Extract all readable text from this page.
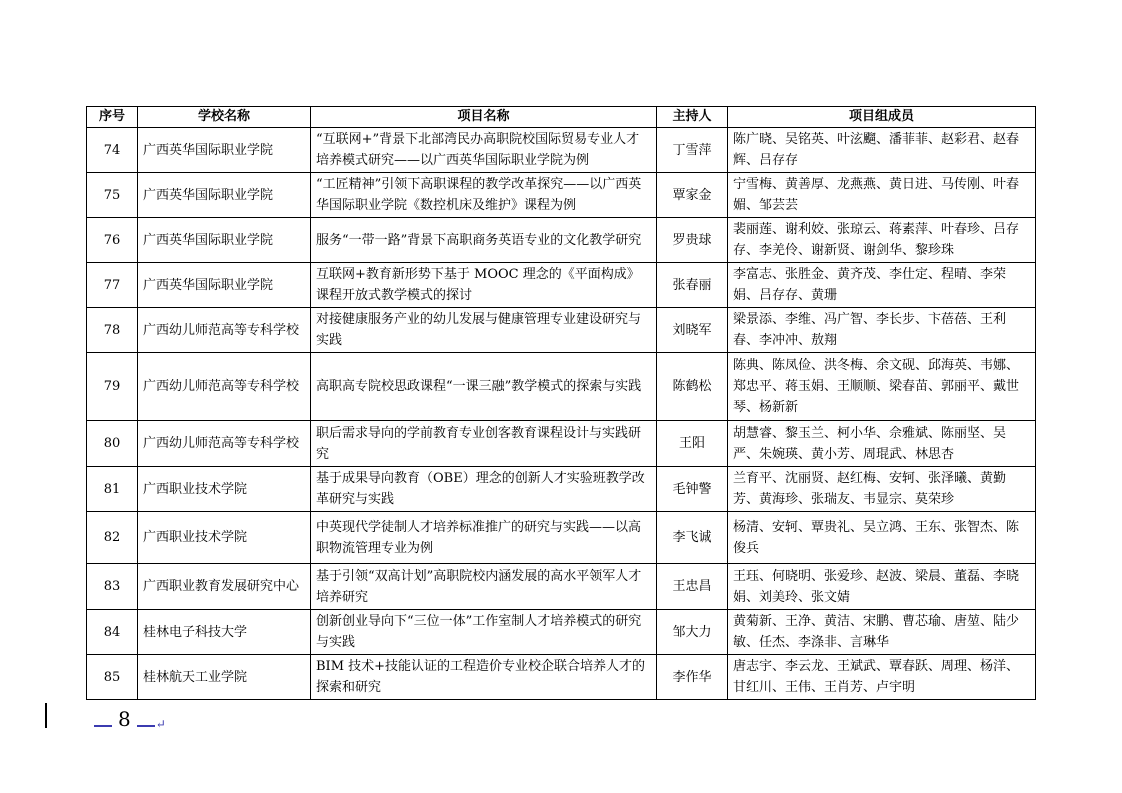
序号	学校名称	项目名称	主持人	项目组成员
74	广西英华国际职业学院	“互联网+”背景下北部湾民办高职院校国际贸易专业人才培养模式研究——以广西英华国际职业学院为例	丁雪萍	陈广晓、吴铭英、叶泫飀、潘菲菲、赵彩君、赵春辉、吕存存
75	广西英华国际职业学院	“工匠精神”引领下高职课程的教学改革探究——以广西英华国际职业学院《数控机床及维护》课程为例	覃家金	宁雪梅、黄善厚、龙燕燕、黄日进、马传刚、叶春媚、邹芸芸
76	广西英华国际职业学院	服务“一带一路”背景下高职商务英语专业的文化教学研究	罗贵球	裴丽莲、谢利姣、张琼云、蒋素萍、叶春珍、吕存存、李羌伶、谢新贤、谢剑华、黎珍珠
77	广西英华国际职业学院	互联网+教育新形势下基于 MOOC 理念的《平面构成》课程开放式教学模式的探讨	张春丽	李富志、张胜金、黄齐茂、李仕定、程晴、李荣娟、吕存存、黄珊
78	广西幼儿师范高等专科学校	对接健康服务产业的幼儿发展与健康管理专业建设研究与实践	刘晓军	梁景添、李维、冯广智、李长步、卞蓓蓓、王利春、李冲冲、敖翔
79	广西幼儿师范高等专科学校	高职高专院校思政课程“一课三融”教学模式的探索与实践	陈鹤松	陈典、陈凤俭、洪冬梅、余文砚、邱海英、韦娜、郑忠平、蒋玉娟、王顺顺、梁春苗、郭丽平、戴世琴、杨新新
80	广西幼儿师范高等专科学校	职后需求导向的学前教育专业创客教育课程设计与实践研究	王阳	胡慧睿、黎玉兰、柯小华、佘雅斌、陈丽坚、吴严、朱婉瑛、黄小芳、周琨武、林思杏
81	广西职业技术学院	基于成果导向教育（OBE）理念的创新人才实验班教学改革研究与实践	毛钟警	兰育平、沈丽贤、赵红梅、安轲、张泽曦、黄勤芳、黄海珍、张瑞友、韦显宗、莫荣珍
82	广西职业技术学院	中英现代学徒制人才培养标准推广的研究与实践——以高职物流管理专业为例	李飞诚	杨清、安轲、覃贵礼、吴立鸿、王东、张智杰、陈俊兵
83	广西职业教育发展研究中心	基于引领“双高计划”高职院校内涵发展的高水平领军人才培养研究	王忠昌	王珏、何晓明、张爱珍、赵波、梁晨、董磊、李晓娟、刘美玲、张文婧
84	桂林电子科技大学	创新创业导向下“三位一体”工作室制人才培养模式的研究与实践	邹大力	黄菊新、王净、黄洁、宋鹏、曹芯瑜、唐堃、陆少敏、任杰、李涤非、言琳华
85	桂林航天工业学院	BIM 技术+技能认证的工程造价专业校企联合培养人才的探索和研究	李作华	唐志宇、李云龙、王斌武、覃春跃、周理、杨洋、甘红川、王伟、王肖芳、卢宇明
8 ↵
